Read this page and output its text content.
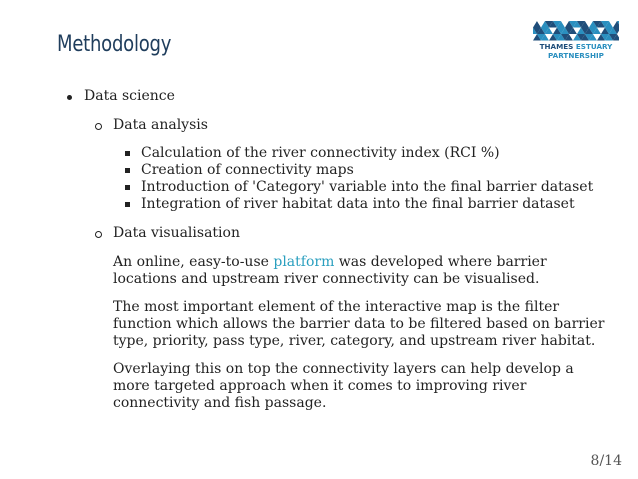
Methodology	THAMES ESTUARY
PARTNERSHIP

Data science

Data analysis

Calculation of the river connectivity index (RCI %)

Creation of connectivity maps

Introduction of 'Category' variable into the final barrier dataset

Integration of river habitat data into the final barrier dataset

Data visualisation

An online, easy-to-use platform was developed where barrier locations and upstream river connectivity can be visualised.

The most important element of the interactive map is the filter function which allows the barrier data to be filtered based on barrier type, priority, pass type, river, category, and upstream river habitat.

Overlaying this on top the connectivity layers can help develop a more targeted approach when it comes to improving river connectivity and fish passage.

8/14
